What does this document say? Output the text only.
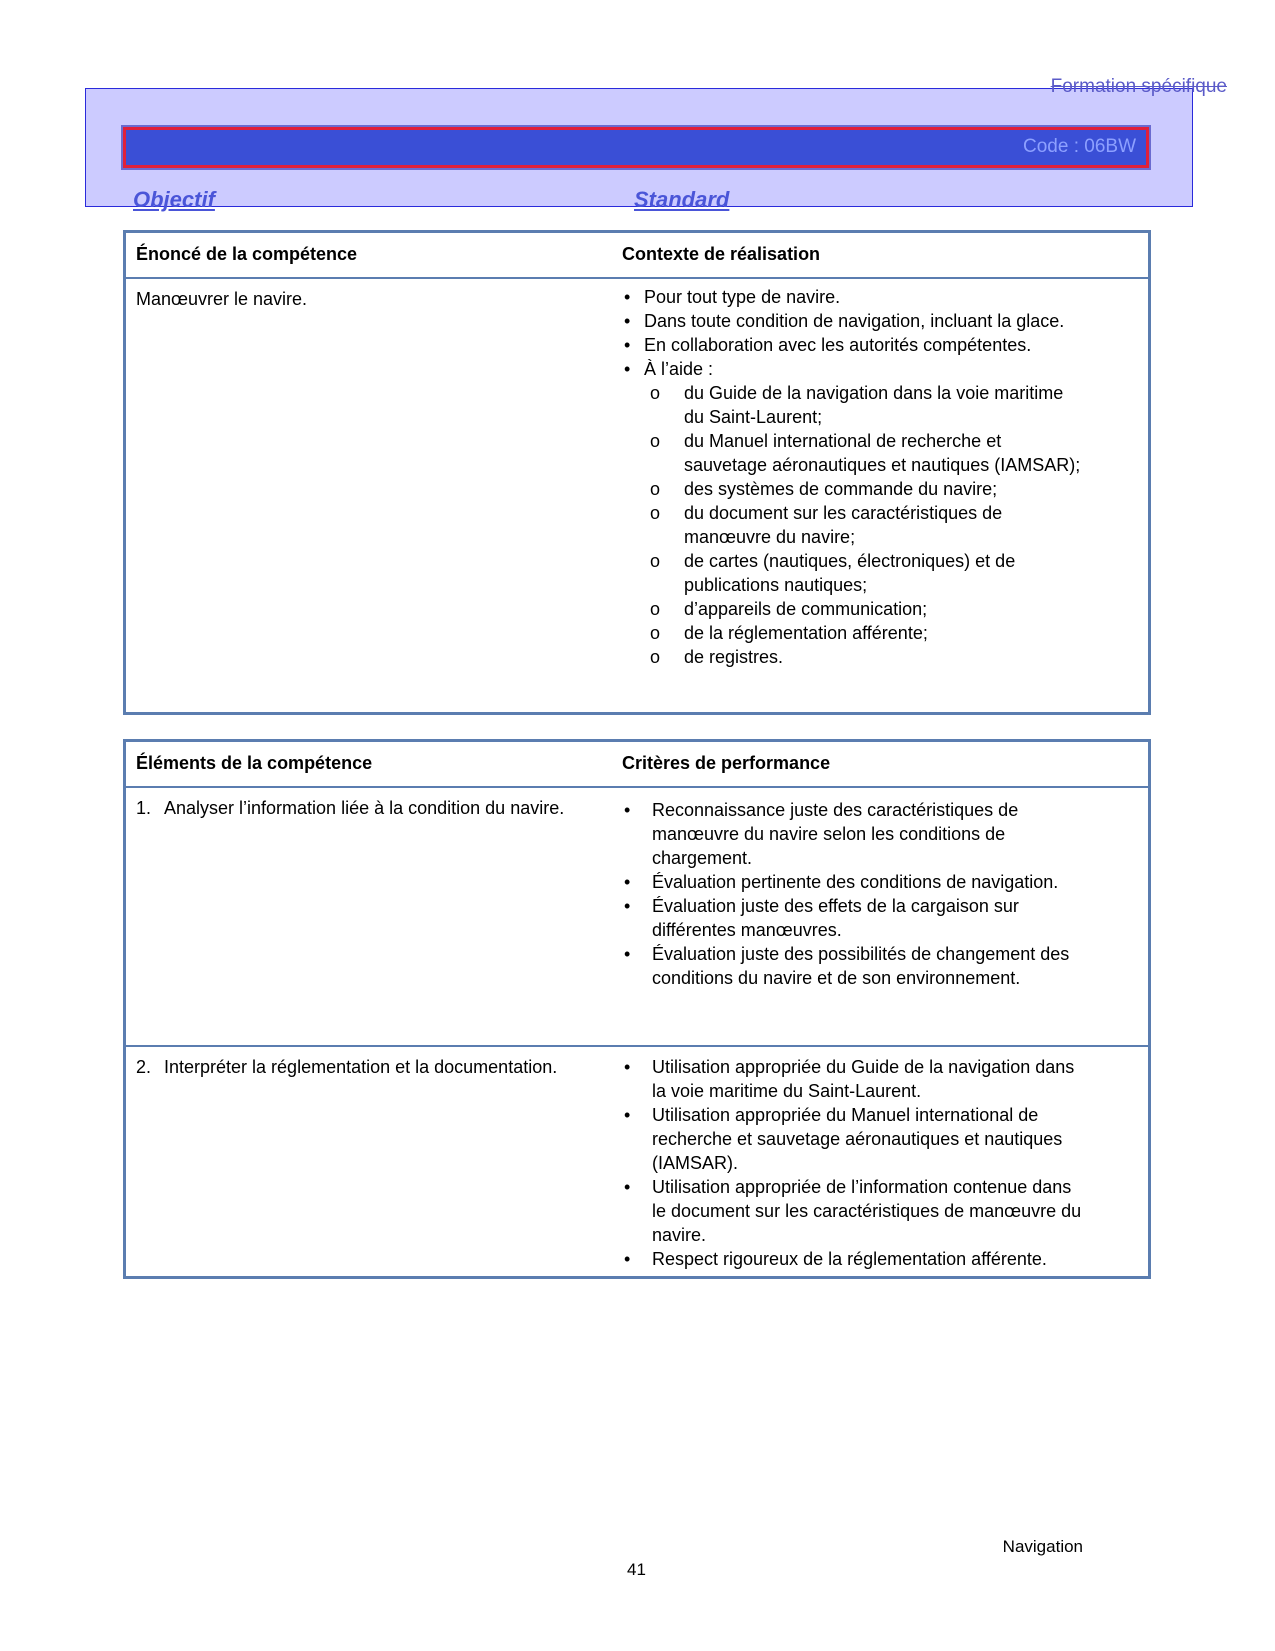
Formation spécifique
Code : 06BW
Objectif	Standard
Énoncé de la compétence	Contexte de réalisation
Manœuvrer le navire.	• Pour tout type de navire.
• Dans toute condition de navigation, incluant la glace.
• En collaboration avec les autorités compétentes.
• À l’aide :
o du Guide de la navigation dans la voie maritime du Saint-Laurent;
o du Manuel international de recherche et sauvetage aéronautiques et nautiques (IAMSAR);
o des systèmes de commande du navire;
o du document sur les caractéristiques de manœuvre du navire;
o de cartes (nautiques, électroniques) et de publications nautiques;
o d’appareils de communication;
o de la réglementation afférente;
o de registres.
Éléments de la compétence	Critères de performance
1. Analyser l’information liée à la condition du navire.	• Reconnaissance juste des caractéristiques de manœuvre du navire selon les conditions de chargement.
• Évaluation pertinente des conditions de navigation.
• Évaluation juste des effets de la cargaison sur différentes manœuvres.
• Évaluation juste des possibilités de changement des conditions du navire et de son environnement.
2. Interpréter la réglementation et la documentation.	• Utilisation appropriée du Guide de la navigation dans la voie maritime du Saint-Laurent.
• Utilisation appropriée du Manuel international de recherche et sauvetage aéronautiques et nautiques (IAMSAR).
• Utilisation appropriée de l’information contenue dans le document sur les caractéristiques de manœuvre du navire.
• Respect rigoureux de la réglementation afférente.
Navigation
41
